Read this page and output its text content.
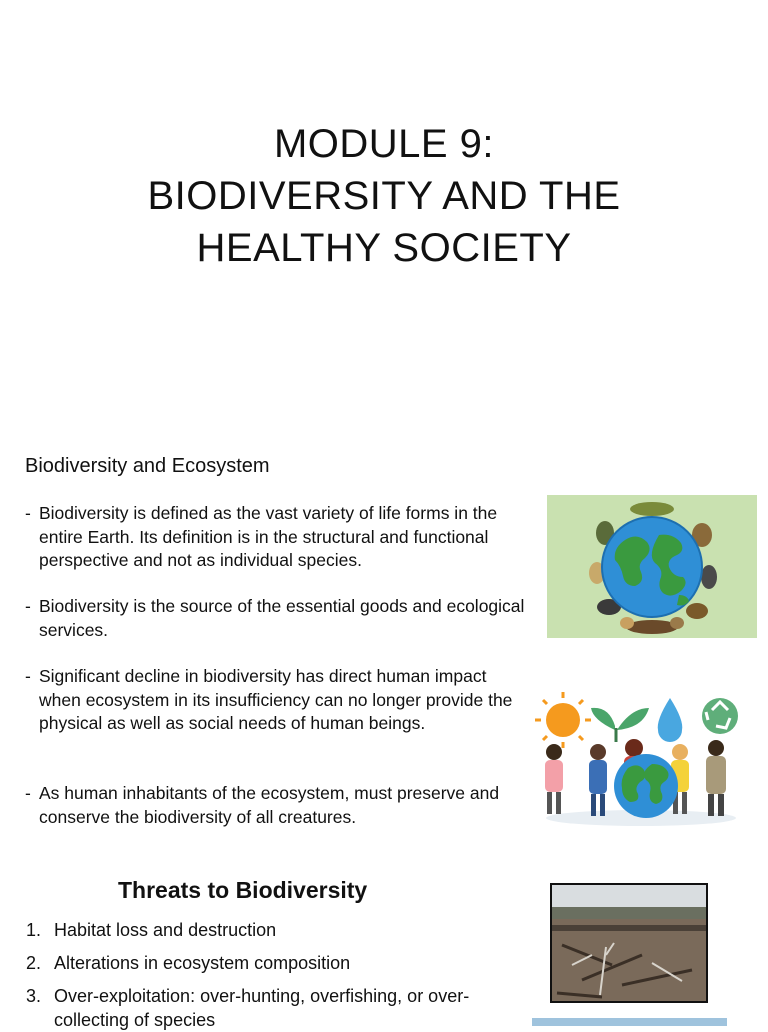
MODULE 9:
BIODIVERSITY AND THE
HEALTHY SOCIETY
Biodiversity and Ecosystem
- Biodiversity is defined as the vast variety of life forms in the entire Earth. Its definition is in the structural and functional perspective and not as individual species.
- Biodiversity is the source of the essential goods and ecological services.
- Significant decline in biodiversity has direct human impact when ecosystem in its insufficiency can no longer provide the physical as well as social needs of human beings.
- As human inhabitants of the ecosystem, must preserve and conserve the biodiversity of all creatures.
Threats to Biodiversity
1. Habitat loss and destruction
2. Alterations in ecosystem composition
3. Over-exploitation: over-hunting, overfishing, or over-collecting of species
